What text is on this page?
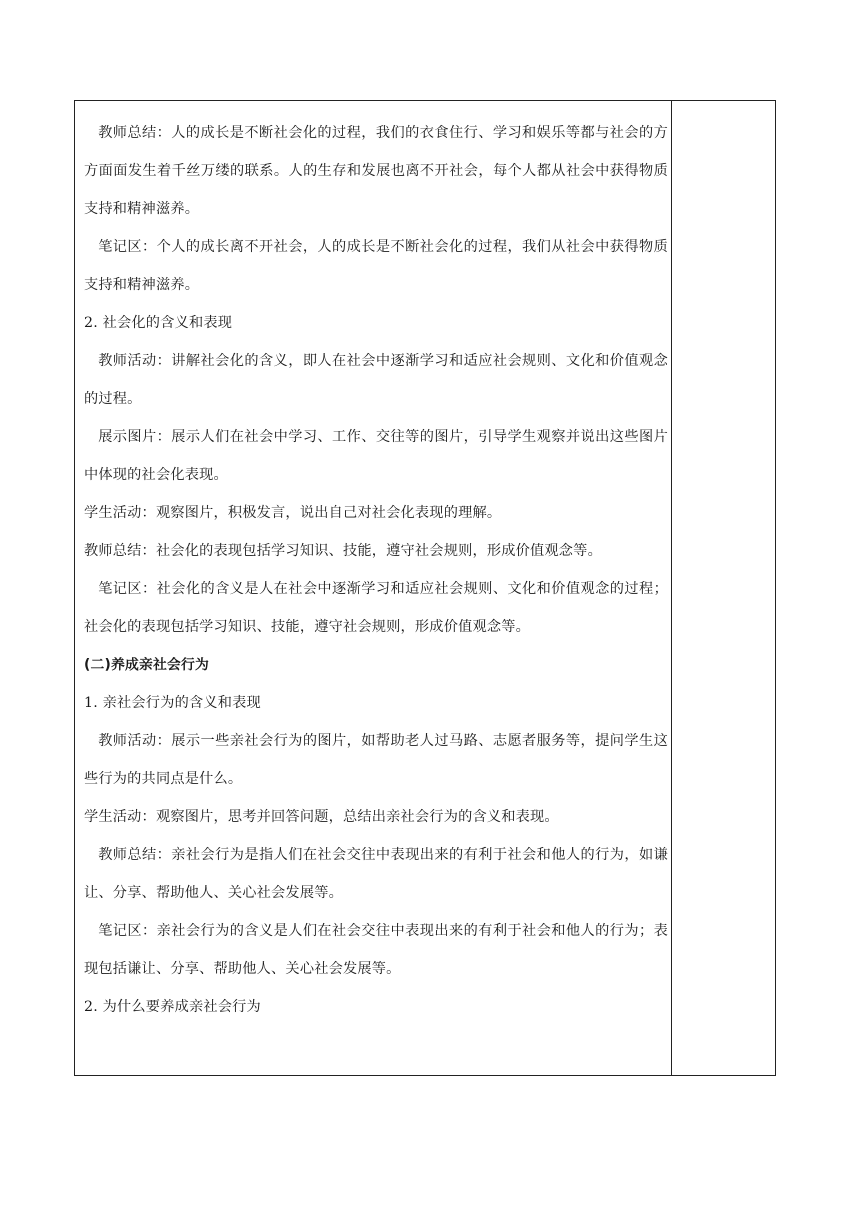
教师总结：人的成长是不断社会化的过程，我们的衣食住行、学习和娱乐等都与社会的方方面面发生着千丝万缕的联系。人的生存和发展也离不开社会，每个人都从社会中获得物质支持和精神滋养。

笔记区：个人的成长离不开社会，人的成长是不断社会化的过程，我们从社会中获得物质支持和精神滋养。

2. 社会化的含义和表现

教师活动：讲解社会化的含义，即人在社会中逐渐学习和适应社会规则、文化和价值观念的过程。

展示图片：展示人们在社会中学习、工作、交往等的图片，引导学生观察并说出这些图片中体现的社会化表现。

学生活动：观察图片，积极发言，说出自己对社会化表现的理解。

教师总结：社会化的表现包括学习知识、技能，遵守社会规则，形成价值观念等。

笔记区：社会化的含义是人在社会中逐渐学习和适应社会规则、文化和价值观念的过程；社会化的表现包括学习知识、技能，遵守社会规则，形成价值观念等。

(二)养成亲社会行为

1. 亲社会行为的含义和表现

教师活动：展示一些亲社会行为的图片，如帮助老人过马路、志愿者服务等，提问学生这些行为的共同点是什么。

学生活动：观察图片，思考并回答问题，总结出亲社会行为的含义和表现。

教师总结：亲社会行为是指人们在社会交往中表现出来的有利于社会和他人的行为，如谦让、分享、帮助他人、关心社会发展等。

笔记区：亲社会行为的含义是人们在社会交往中表现出来的有利于社会和他人的行为；表现包括谦让、分享、帮助他人、关心社会发展等。

2. 为什么要养成亲社会行为
